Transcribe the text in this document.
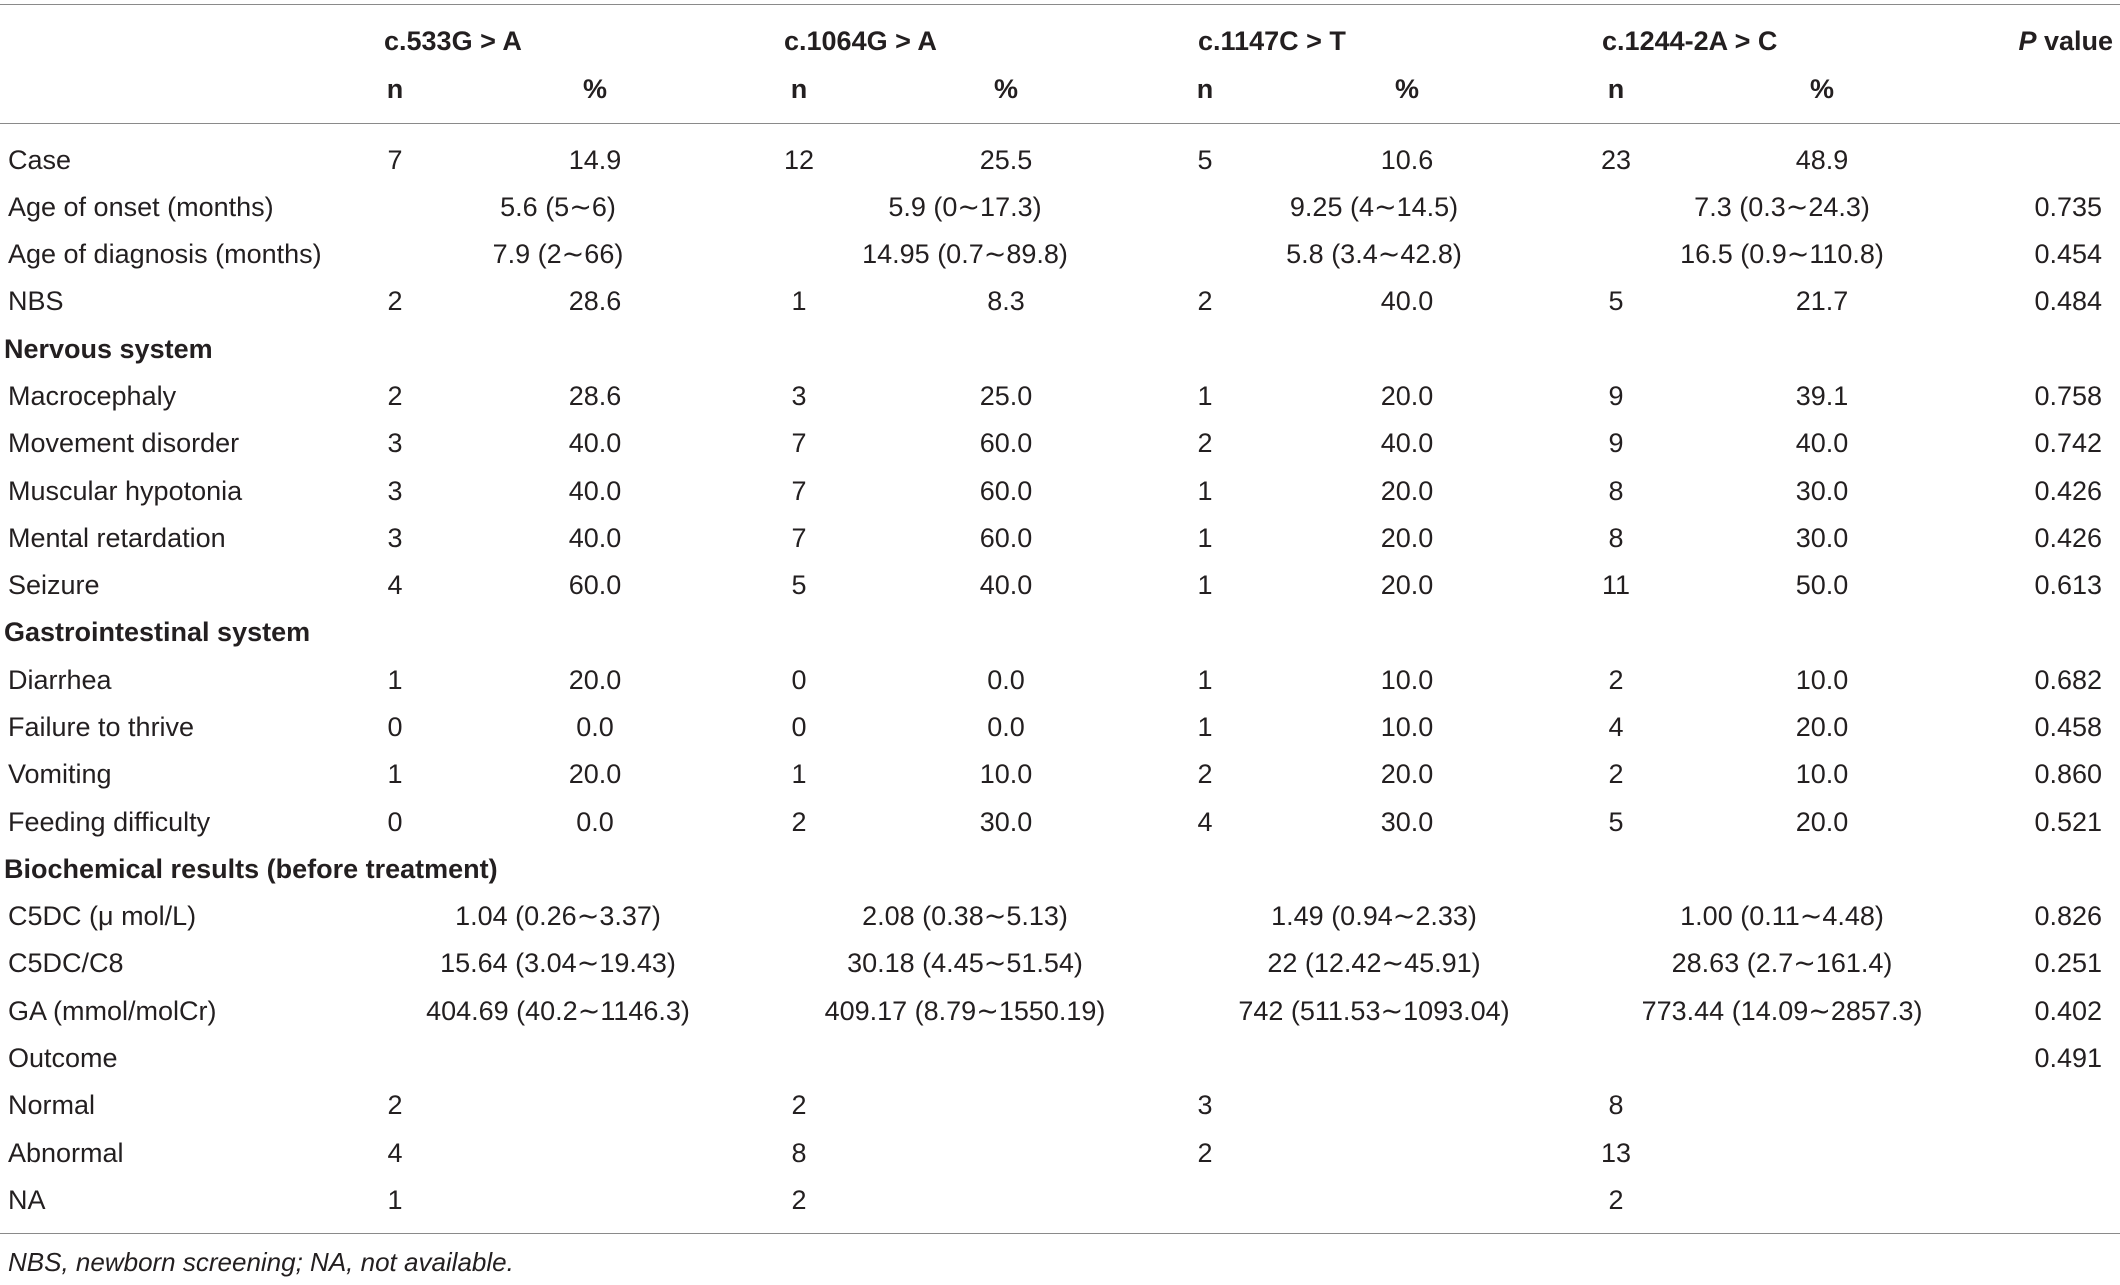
	c.533G > A		c.1064G > A		c.1147C > T		c.1244-2A > C		P value
	n	%	n	%	n	%	n	%	
Case	7	14.9	12	25.5	5	10.6	23	48.9	
Age of onset (months)	5.6 (5∼6)		5.9 (0∼17.3)		9.25 (4∼14.5)		7.3 (0.3∼24.3)		0.735
Age of diagnosis (months)	7.9 (2∼66)		14.95 (0.7∼89.8)		5.8 (3.4∼42.8)		16.5 (0.9∼110.8)		0.454
NBS	2	28.6	1	8.3	2	40.0	5	21.7	0.484
Nervous system									
Macrocephaly	2	28.6	3	25.0	1	20.0	9	39.1	0.758
Movement disorder	3	40.0	7	60.0	2	40.0	9	40.0	0.742
Muscular hypotonia	3	40.0	7	60.0	1	20.0	8	30.0	0.426
Mental retardation	3	40.0	7	60.0	1	20.0	8	30.0	0.426
Seizure	4	60.0	5	40.0	1	20.0	11	50.0	0.613
Gastrointestinal system									
Diarrhea	1	20.0	0	0.0	1	10.0	2	10.0	0.682
Failure to thrive	0	0.0	0	0.0	1	10.0	4	20.0	0.458
Vomiting	1	20.0	1	10.0	2	20.0	2	10.0	0.860
Feeding difficulty	0	0.0	2	30.0	4	30.0	5	20.0	0.521
Biochemical results (before treatment)									
C5DC (μ mol/L)	1.04 (0.26∼3.37)		2.08 (0.38∼5.13)		1.49 (0.94∼2.33)		1.00 (0.11∼4.48)		0.826
C5DC/C8	15.64 (3.04∼19.43)		30.18 (4.45∼51.54)		22 (12.42∼45.91)		28.63 (2.7∼161.4)		0.251
GA (mmol/molCr)	404.69 (40.2∼1146.3)		409.17 (8.79∼1550.19)		742 (511.53∼1093.04)		773.44 (14.09∼2857.3)		0.402
Outcome									0.491
Normal	2		2		3		8		
Abnormal	4		8		2		13		
NA	1		2				2		
NBS, newborn screening; NA, not available.
